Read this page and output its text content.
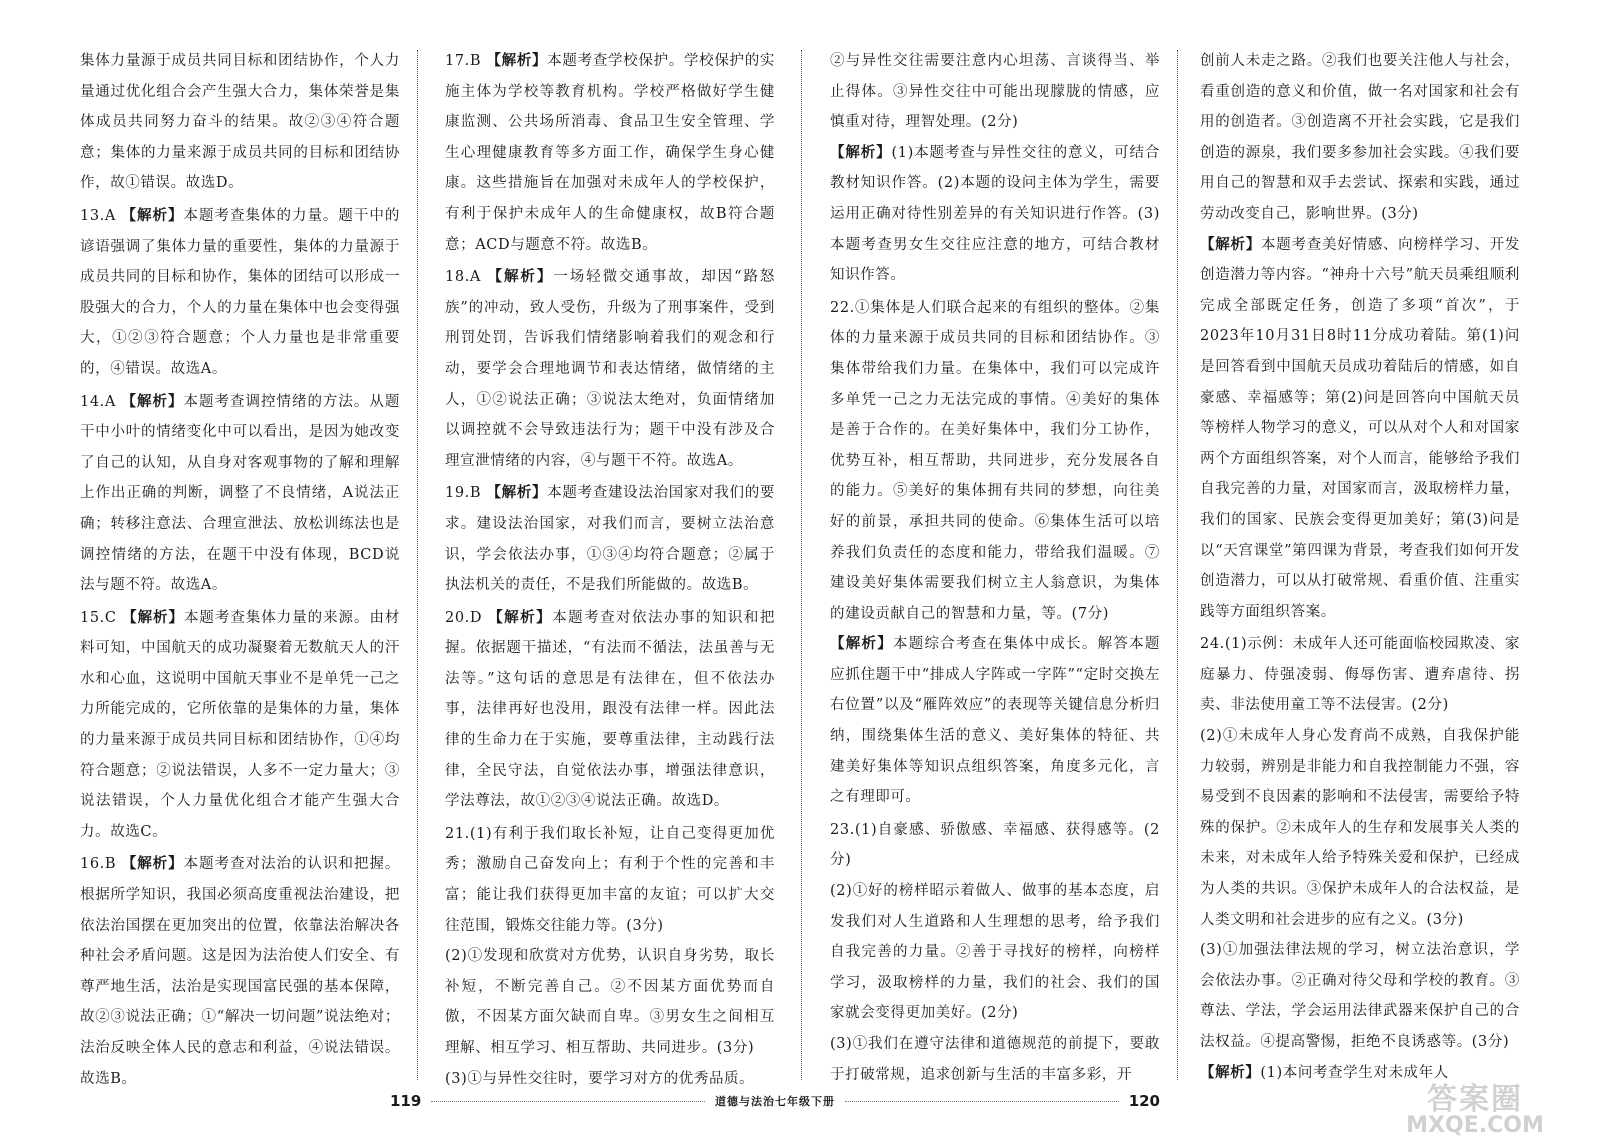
集体力量源于成员共同目标和团结协作，个人力量通过优化组合会产生强大合力，集体荣誉是集体成员共同努力奋斗的结果。故②③④符合题意；集体的力量来源于成员共同的目标和团结协作，故①错误。故选D。

13.A 【解析】本题考查集体的力量。题干中的谚语强调了集体力量的重要性，集体的力量源于成员共同的目标和协作，集体的团结可以形成一股强大的合力，个人的力量在集体中也会变得强大，①②③符合题意；个人力量也是非常重要的，④错误。故选A。

14.A 【解析】本题考查调控情绪的方法。从题干中小叶的情绪变化中可以看出，是因为她改变了自己的认知，从自身对客观事物的了解和理解上作出正确的判断，调整了不良情绪，A说法正确；转移注意法、合理宣泄法、放松训练法也是调控情绪的方法，在题干中没有体现，BCD说法与题不符。故选A。

15.C 【解析】本题考查集体力量的来源。由材料可知，中国航天的成功凝聚着无数航天人的汗水和心血，这说明中国航天事业不是单凭一己之力所能完成的，它所依靠的是集体的力量，集体的力量来源于成员共同目标和团结协作，①④均符合题意；②说法错误，人多不一定力量大；③说法错误，个人力量优化组合才能产生强大合力。故选C。

16.B 【解析】本题考查对法治的认识和把握。根据所学知识，我国必须高度重视法治建设，把依法治国摆在更加突出的位置，依靠法治解决各种社会矛盾问题。这是因为法治使人们安全、有尊严地生活，法治是实现国富民强的基本保障，故②③说法正确；①“解决一切问题”说法绝对；法治反映全体人民的意志和利益，④说法错误。故选B。

17.B 【解析】本题考查学校保护。学校保护的实施主体为学校等教育机构。学校严格做好学生健康监测、公共场所消毒、食品卫生安全管理、学生心理健康教育等多方面工作，确保学生身心健康。这些措施旨在加强对未成年人的学校保护，有利于保护未成年人的生命健康权，故B符合题意；ACD与题意不符。故选B。

18.A 【解析】一场轻微交通事故，却因“路怒族”的冲动，致人受伤，升级为了刑事案件，受到刑罚处罚，告诉我们情绪影响着我们的观念和行动，要学会合理地调节和表达情绪，做情绪的主人，①②说法正确；③说法太绝对，负面情绪加以调控就不会导致违法行为；题干中没有涉及合理宣泄情绪的内容，④与题干不符。故选A。

19.B 【解析】本题考查建设法治国家对我们的要求。建设法治国家，对我们而言，要树立法治意识，学会依法办事，①③④均符合题意；②属于执法机关的责任，不是我们所能做的。故选B。

20.D 【解析】本题考查对依法办事的知识和把握。依据题干描述，“有法而不循法，法虽善与无法等。”这句话的意思是有法律在，但不依法办事，法律再好也没用，跟没有法律一样。因此法律的生命力在于实施，要尊重法律，主动践行法律，全民守法，自觉依法办事，增强法律意识，学法尊法，故①②③④说法正确。故选D。

21.(1)有利于我们取长补短，让自己变得更加优秀；激励自己奋发向上；有利于个性的完善和丰富；能让我们获得更加丰富的友谊；可以扩大交往范围，锻炼交往能力等。(3分)

(2)①发现和欣赏对方优势，认识自身劣势，取长补短，不断完善自己。②不因某方面优势而自傲，不因某方面欠缺而自卑。③男女生之间相互理解、相互学习、相互帮助、共同进步。(3分)

(3)①与异性交往时，要学习对方的优秀品质。

②与异性交往需要注意内心坦荡、言谈得当、举止得体。③异性交往中可能出现朦胧的情感，应慎重对待，理智处理。(2分)

【解析】(1)本题考查与异性交往的意义，可结合教材知识作答。(2)本题的设问主体为学生，需要运用正确对待性别差异的有关知识进行作答。(3)本题考查男女生交往应注意的地方，可结合教材知识作答。

22.①集体是人们联合起来的有组织的整体。②集体的力量来源于成员共同的目标和团结协作。③集体带给我们力量。在集体中，我们可以完成许多单凭一己之力无法完成的事情。④美好的集体是善于合作的。在美好集体中，我们分工协作，优势互补，相互帮助，共同进步，充分发展各自的能力。⑤美好的集体拥有共同的梦想，向往美好的前景，承担共同的使命。⑥集体生活可以培养我们负责任的态度和能力，带给我们温暖。⑦建设美好集体需要我们树立主人翁意识，为集体的建设贡献自己的智慧和力量，等。(7分)

【解析】本题综合考查在集体中成长。解答本题应抓住题干中“排成人字阵或一字阵”“定时交换左右位置”以及“雁阵效应”的表现等关键信息分析归纳，围绕集体生活的意义、美好集体的特征、共建美好集体等知识点组织答案，角度多元化，言之有理即可。

23.(1)自豪感、骄傲感、幸福感、获得感等。(2分)

(2)①好的榜样昭示着做人、做事的基本态度，启发我们对人生道路和人生理想的思考，给予我们自我完善的力量。②善于寻找好的榜样，向榜样学习，汲取榜样的力量，我们的社会、我们的国家就会变得更加美好。(2分)

(3)①我们在遵守法律和道德规范的前提下，要敢于打破常规，追求创新与生活的丰富多彩，开

创前人未走之路。②我们也要关注他人与社会，看重创造的意义和价值，做一名对国家和社会有用的创造者。③创造离不开社会实践，它是我们创造的源泉，我们要多参加社会实践。④我们要用自己的智慧和双手去尝试、探索和实践，通过劳动改变自己，影响世界。(3分)

【解析】本题考查美好情感、向榜样学习、开发创造潜力等内容。“神舟十六号”航天员乘组顺利完成全部既定任务，创造了多项“首次”，于2023年10月31日8时11分成功着陆。第(1)问是回答看到中国航天员成功着陆后的情感，如自豪感、幸福感等；第(2)问是回答向中国航天员等榜样人物学习的意义，可以从对个人和对国家两个方面组织答案，对个人而言，能够给予我们自我完善的力量，对国家而言，汲取榜样力量，我们的国家、民族会变得更加美好；第(3)问是以“天宫课堂”第四课为背景，考查我们如何开发创造潜力，可以从打破常规、看重价值、注重实践等方面组织答案。

24.(1)示例：未成年人还可能面临校园欺凌、家庭暴力、侍强凌弱、侮辱伤害、遭弃虐待、拐卖、非法使用童工等不法侵害。(2分)

(2)①未成年人身心发育尚不成熟，自我保护能力较弱，辨别是非能力和自我控制能力不强，容易受到不良因素的影响和不法侵害，需要给予特殊的保护。②未成年人的生存和发展事关人类的未来，对未成年人给予特殊关爱和保护，已经成为人类的共识。③保护未成年人的合法权益，是人类文明和社会进步的应有之义。(3分)

(3)①加强法律法规的学习，树立法治意识，学会依法办事。②正确对待父母和学校的教育。③尊法、学法，学会运用法律武器来保护自己的合法权益。④提高警惕，拒绝不良诱惑等。(3分)

【解析】(1)本问考查学生对未成年人

119	道德与法治七年级下册	120	答案圈
MXQE.COM
